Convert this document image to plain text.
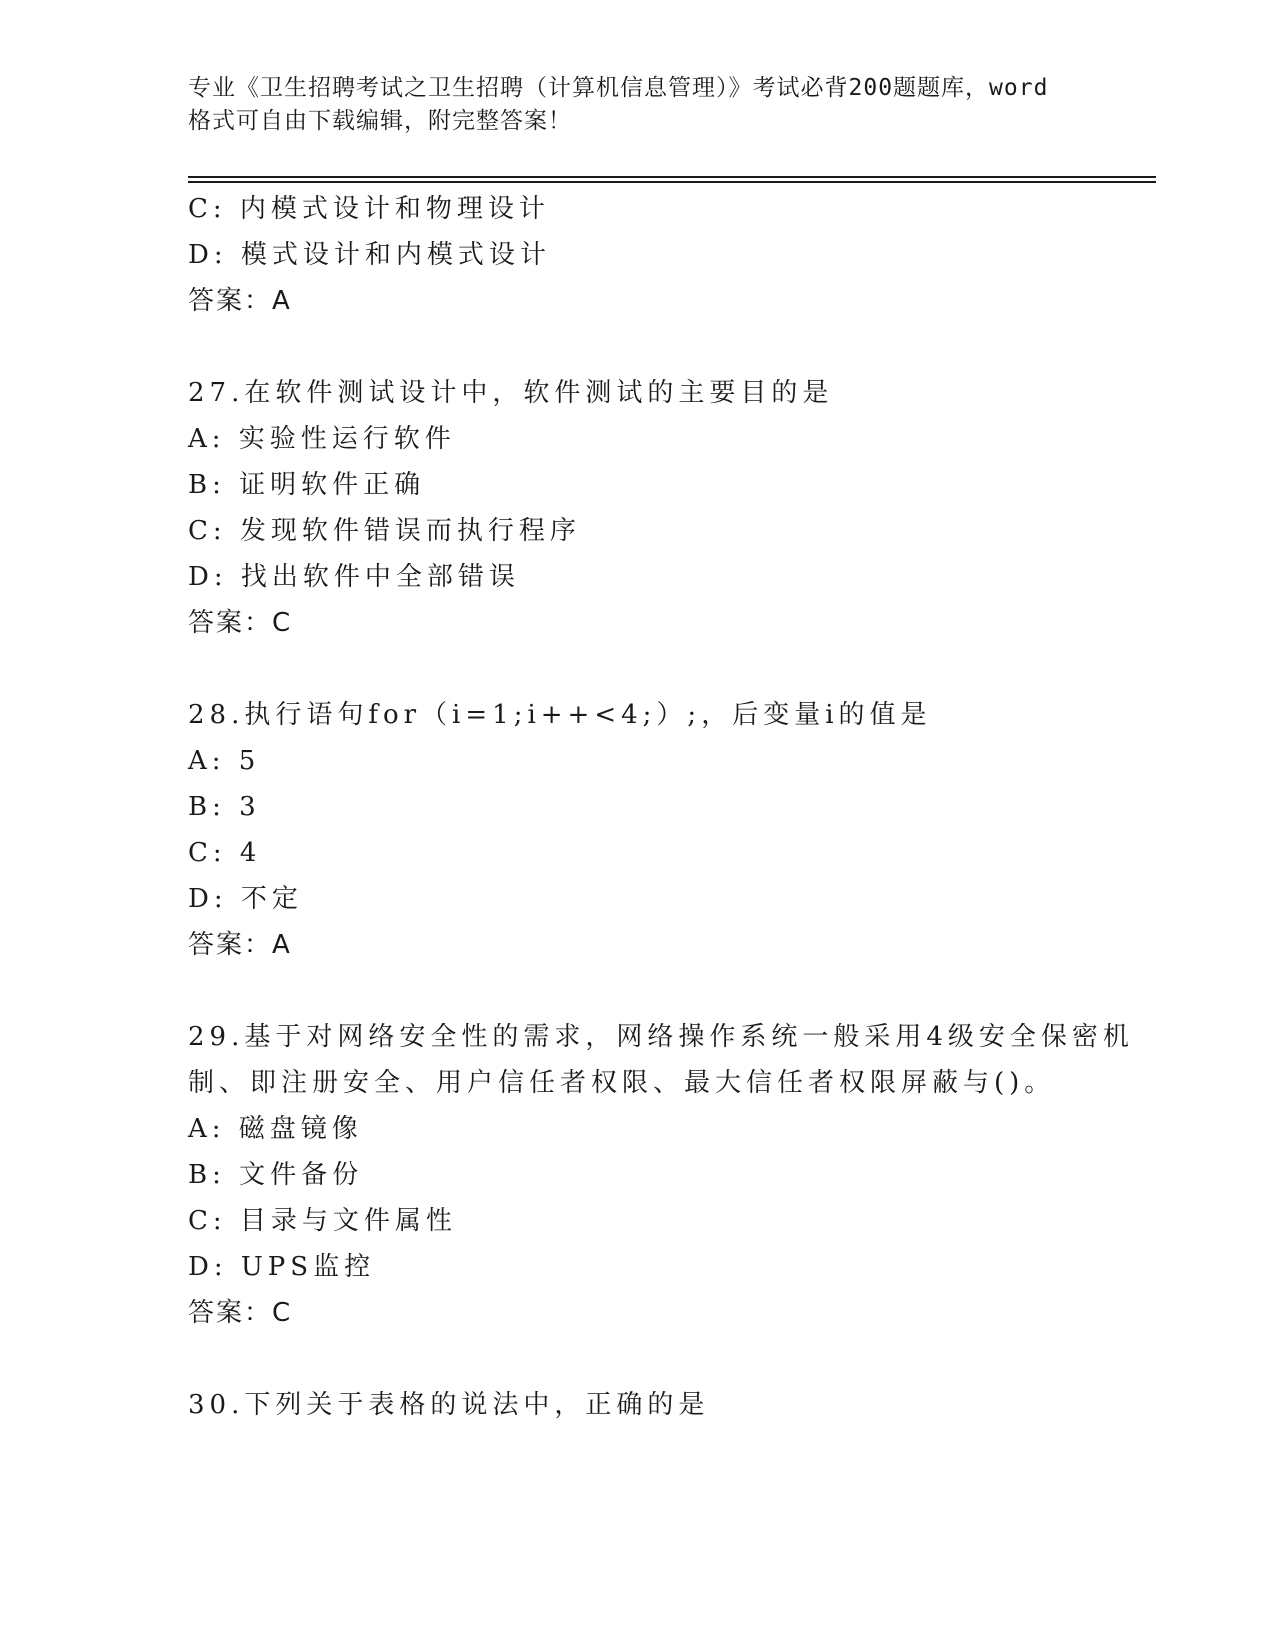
专业《卫生招聘考试之卫生招聘（计算机信息管理）》考试必背200题题库，word
格式可自由下载编辑，附完整答案！
C: 内模式设计和物理设计
D: 模式设计和内模式设计
答案：A
27.在软件测试设计中，软件测试的主要目的是
A: 实验性运行软件
B: 证明软件正确
C: 发现软件错误而执行程序
D: 找出软件中全部错误
答案：C
28.执行语句for（i=1;i++<4;）;，后变量i的值是
A: 5
B: 3
C: 4
D: 不定
答案：A
29.基于对网络安全性的需求，网络操作系统一般采用4级安全保密机
制、即注册安全、用户信任者权限、最大信任者权限屏蔽与()。
A: 磁盘镜像
B: 文件备份
C: 目录与文件属性
D: UPS监控
答案：C
30.下列关于表格的说法中，正确的是
